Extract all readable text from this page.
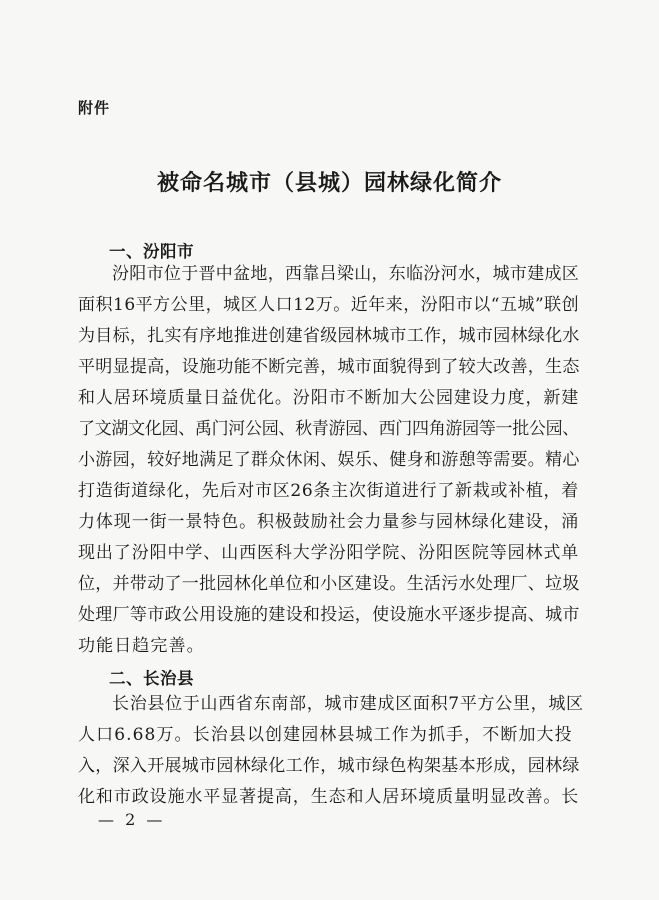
附件
被命名城市（县城）园林绿化简介
一、汾阳市
汾阳市位于晋中盆地，西靠吕梁山，东临汾河水，城市建成区
面积16平方公里，城区人口12万。近年来，汾阳市以“五城”联创
为目标，扎实有序地推进创建省级园林城市工作，城市园林绿化水
平明显提高，设施功能不断完善，城市面貌得到了较大改善，生态
和人居环境质量日益优化。汾阳市不断加大公园建设力度，新建
了文湖文化园、禹门河公园、秋青游园、西门四角游园等一批公园、
小游园，较好地满足了群众休闲、娱乐、健身和游憩等需要。精心
打造街道绿化，先后对市区26条主次街道进行了新栽或补植，着
力体现一街一景特色。积极鼓励社会力量参与园林绿化建设，涌
现出了汾阳中学、山西医科大学汾阳学院、汾阳医院等园林式单
位，并带动了一批园林化单位和小区建设。生活污水处理厂、垃圾
处理厂等市政公用设施的建设和投运，使设施水平逐步提高、城市
功能日趋完善。
二、长治县
长治县位于山西省东南部，城市建成区面积7平方公里，城区
人口6.68万。长治县以创建园林县城工作为抓手，不断加大投
入，深入开展城市园林绿化工作，城市绿色构架基本形成，园林绿
化和市政设施水平显著提高，生态和人居环境质量明显改善。长
— 2 —
